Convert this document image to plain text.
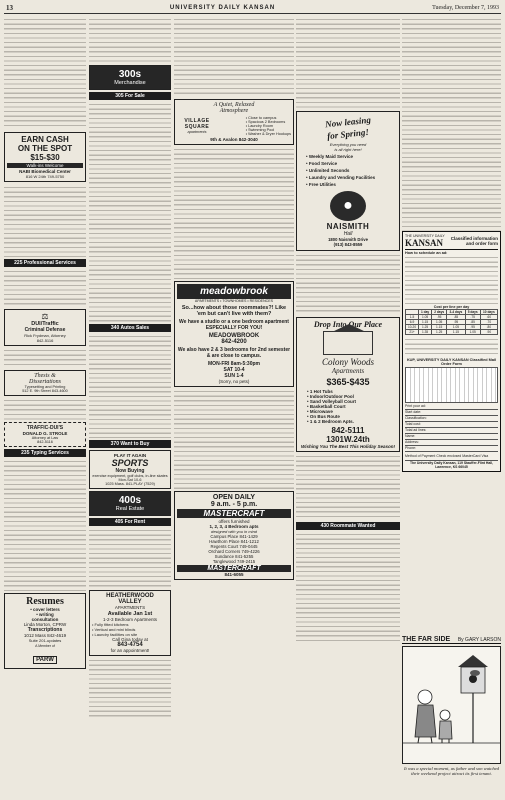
13	UNIVERSITY DAILY KANSAN	Tuesday, December 7, 1993
EARN CASH
ON THE SPOT
$15-$30
Walk-ins Welcome
NABI Biomedical Center
816 W 24th 749-5750
225 Professional Services
⚖
DUI/Traffic
Criminal Defense
Rick Frydman, Attorney
842-5116
Thesis &
Dissertations
Typesetting and Printing
512 E. 9th Street 843-4600
TRAFFIC-DUI'S
DONALD G. STROLE
Attorney at Law
842-5116
235 Typing Services
Resumes
• cover letters
• writing
consultation
Linda Morton, CPRW
Transcriptions
1012 Mass 842-4619
Suite 201-updates
A Member of
PARW
300s
Merchandise
305 For Sale
340 Autos Sales
370 Want to Buy
PLAY IT AGAIN
SPORTS
Now Buying
exercise equipment, golf clubs, in-line skates
Mon-Sat 10-6
1025 Mass. 841-PLAY (7529)
400s
Real Estate
405 For Rent
HEATHERWOOD
VALLEY
APARTMENTS
Available Jan 1st
1-2-3 Bedroom Apartments
• Fully fitted kitchens
• Vertical and mini blinds
• Laundry facilities on site
Call Gina today at
843-4754
for an appointment!
A Quiet, Relaxed
Atmosphere
VILLAGE SQUARE
apartments
• Close to campus
• Spacious 2 Bedrooms
• Laundry Room
• Swimming Pool
• Washer & Dryer Hookups
9th & Avalon 842-3040
meadowbrook
APARTMENTS • TOWNHOMES • RESIDENCES
So...how about those roommates?! Like 'em but can't live with them?
We have a studio or a one bedroom apartment ESPECIALLY FOR YOU!
MEADOWBROOK
842-4200
We also have 2 & 3 bedrooms for 2nd semester & are close to campus.
MON-FRI 8am-5:30pm
SAT 10-4
SUN 1-4
(Sorry, no pets)
OPEN DAILY
9 a.m. - 5 p.m.
MASTERCRAFT
offers furnished
1, 2, 3, 4 Bedroom apts
designed with you in mind
Campus Place 841-1429
Hawthorn Place 841-1212
Regents Court 749-0445
Orchard Corners 749-4226
Sundance 841-5255
Tanglewood 749-2415
MASTERCRAFT
841-6055
Now leasing
for Spring!
Everything you need
is all right here!
• Weekly Maid Service
• Food Service
• Unlimited Seconds
• Laundry and Vending Facilities
• Free Utilities
●
NAISMITH
Hall
1800 Naismith Drive
(913) 843-8559
Drop Into Our Place
Colony Woods
Apartments
$365-$435
• 1 Hot Tubs
• Indoor/Outdoor Pool
• Sand Volleyball Court
• Basketball Court
• Microwave
• On Bus Route
• 1 & 2 Bedroom Apts.
842-5111
1301W.24th
Wishing You The Best This Holiday Season!
430 Roommate Wanted
THE UNIVERSITY DAILY
KANSAN	Classified information
and order form
How to schedule an ad:
Cost per line per day
	1 day	2 days	3-4 days	5 days	10 days
1-5	1.05	.95	.85	.75	.60
6-9	1.15	1.05	.95	.85	.70
10-20	1.25	1.15	1.05	.95	.80
21+	1.35	1.25	1.15	1.05	.90
KUP, UNIVERSITY DAILY KANSAN Classified Mail Order Form
Print your ad:
Start date:
Classification:
Total cost:
Total ad lines:
Name:
Address:
Phone:
Method of Payment Check enclosed MasterCard Visa
The University Daily Kansan, 119 Stauffer-Flint Hall, Lawrence, KS 66045
THE FAR SIDE By GARY LARSON
It was a special moment, as father and son watched their weekend project attract its first tenant.
